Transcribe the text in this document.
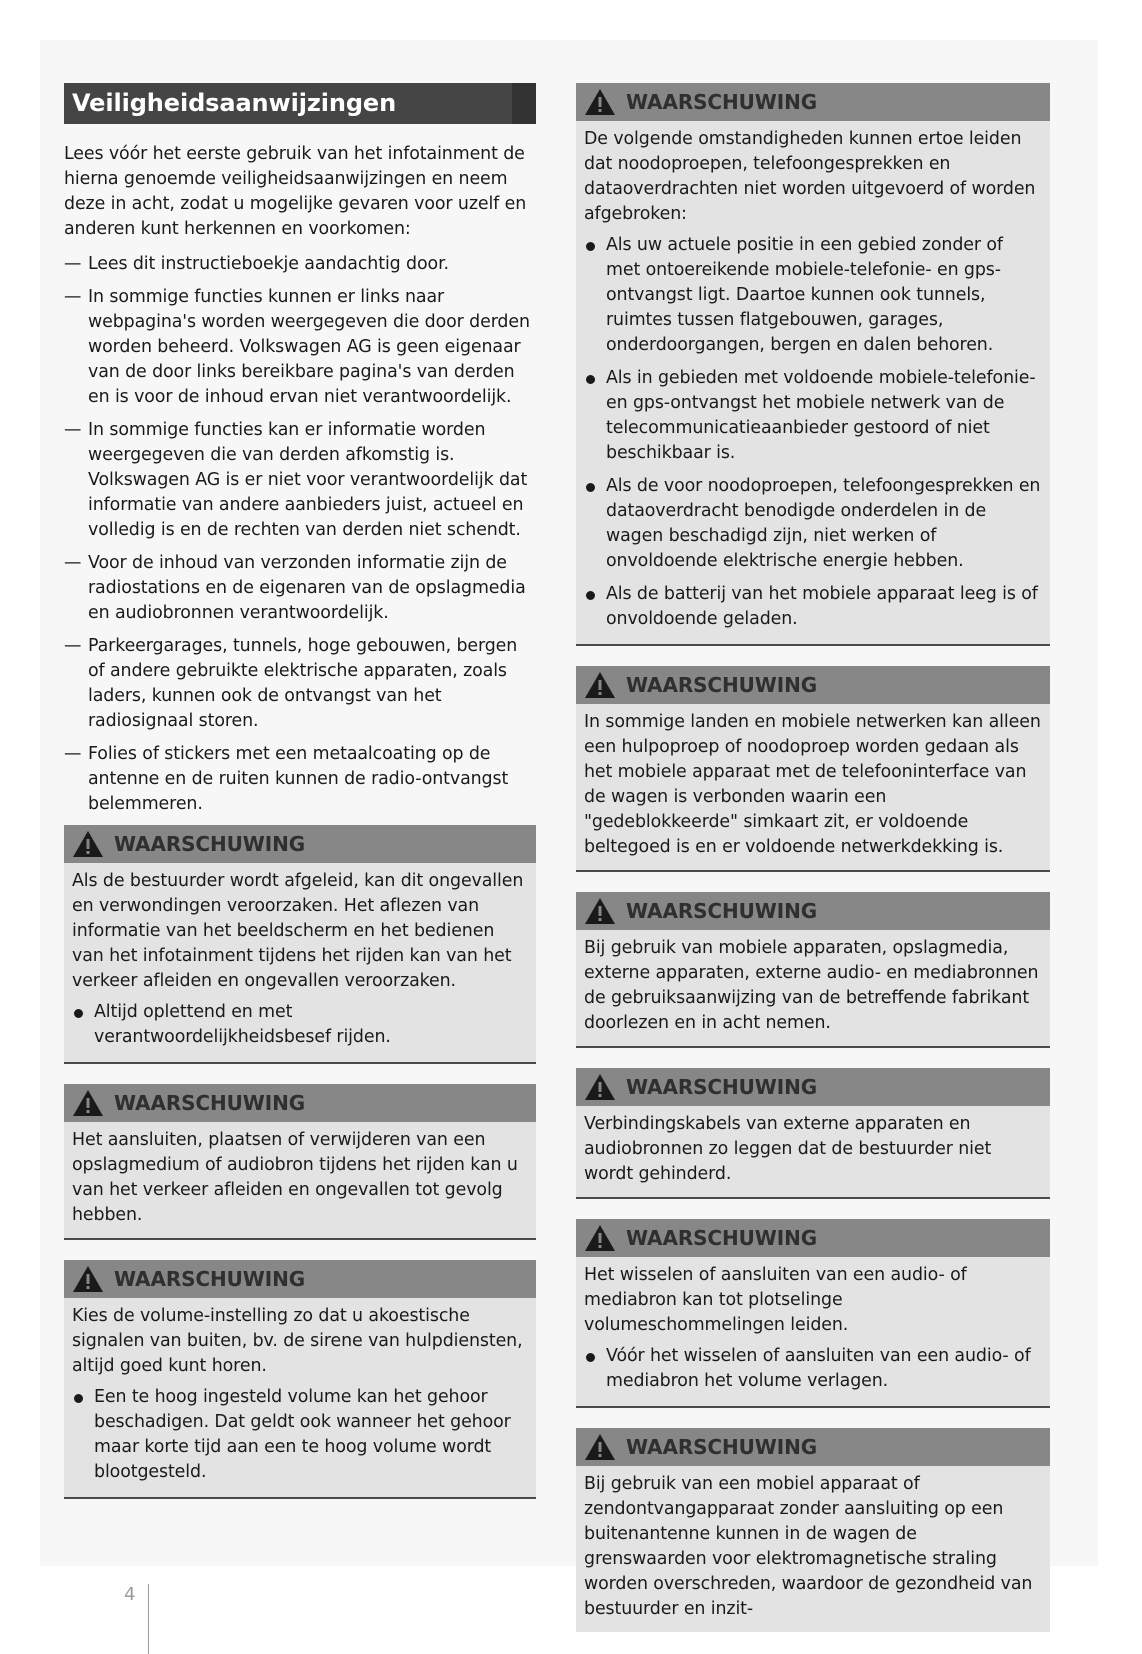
Veiligheidsaanwijzingen

Lees vóór het eerste gebruik van het infotainment de hierna genoemde veiligheidsaanwijzingen en neem deze in acht, zodat u mogelijke gevaren voor uzelf en anderen kunt herkennen en voorkomen:

— Lees dit instructieboekje aandachtig door.
— In sommige functies kunnen er links naar webpagina's worden weergegeven die door derden worden beheerd. Volkswagen AG is geen eigenaar van de door links bereikbare pagina's van derden en is voor de inhoud ervan niet verantwoordelijk.
— In sommige functies kan er informatie worden weergegeven die van derden afkomstig is. Volkswagen AG is er niet voor verantwoordelijk dat informatie van andere aanbieders juist, actueel en volledig is en de rechten van derden niet schendt.
— Voor de inhoud van verzonden informatie zijn de radiostations en de eigenaren van de opslagmedia en audiobronnen verantwoordelijk.
— Parkeergarages, tunnels, hoge gebouwen, bergen of andere gebruikte elektrische apparaten, zoals laders, kunnen ook de ontvangst van het radiosignaal storen.
— Folies of stickers met een metaalcoating op de antenne en de ruiten kunnen de radio-ontvangst belemmeren.
WAARSCHUWING

Als de bestuurder wordt afgeleid, kan dit ongevallen en verwondingen veroorzaken. Het aflezen van informatie van het beeldscherm en het bedienen van het infotainment tijdens het rijden kan van het verkeer afleiden en ongevallen veroorzaken.

Altijd oplettend en met verantwoordelijkheidsbesef rijden.
WAARSCHUWING

Het aansluiten, plaatsen of verwijderen van een opslagmedium of audiobron tijdens het rijden kan u van het verkeer afleiden en ongevallen tot gevolg hebben.

WAARSCHUWING

Kies de volume-instelling zo dat u akoestische signalen van buiten, bv. de sirene van hulpdiensten, altijd goed kunt horen.

Een te hoog ingesteld volume kan het gehoor beschadigen. Dat geldt ook wanneer het gehoor maar korte tijd aan een te hoog volume wordt blootgesteld.
WAARSCHUWING

De volgende omstandigheden kunnen ertoe leiden dat noodoproepen, telefoongesprekken en dataoverdrachten niet worden uitgevoerd of worden afgebroken:

Als uw actuele positie in een gebied zonder of met ontoereikende mobiele-telefonie- en gps-ontvangst ligt. Daartoe kunnen ook tunnels, ruimtes tussen flatgebouwen, garages, onderdoorgangen, bergen en dalen behoren.
Als in gebieden met voldoende mobiele-telefonie- en gps-ontvangst het mobiele netwerk van de telecommunicatieaanbieder gestoord of niet beschikbaar is.
Als de voor noodoproepen, telefoongesprekken en dataoverdracht benodigde onderdelen in de wagen beschadigd zijn, niet werken of onvoldoende elektrische energie hebben.
Als de batterij van het mobiele apparaat leeg is of onvoldoende geladen.
WAARSCHUWING

In sommige landen en mobiele netwerken kan alleen een hulpoproep of noodoproep worden gedaan als het mobiele apparaat met de telefooninterface van de wagen is verbonden waarin een "gedeblokkeerde" simkaart zit, er voldoende beltegoed is en er voldoende netwerkdekking is.

WAARSCHUWING

Bij gebruik van mobiele apparaten, opslagmedia, externe apparaten, externe audio- en mediabronnen de gebruiksaanwijzing van de betreffende fabrikant doorlezen en in acht nemen.

WAARSCHUWING

Verbindingskabels van externe apparaten en audiobronnen zo leggen dat de bestuurder niet wordt gehinderd.

WAARSCHUWING

Het wisselen of aansluiten van een audio- of mediabron kan tot plotselinge volumeschommelingen leiden.

Vóór het wisselen of aansluiten van een audio- of mediabron het volume verlagen.
WAARSCHUWING

Bij gebruik van een mobiel apparaat of zendontvangapparaat zonder aansluiting op een buitenantenne kunnen in de wagen de grenswaarden voor elektromagnetische straling worden overschreden, waardoor de gezondheid van bestuurder en inzit-

4
